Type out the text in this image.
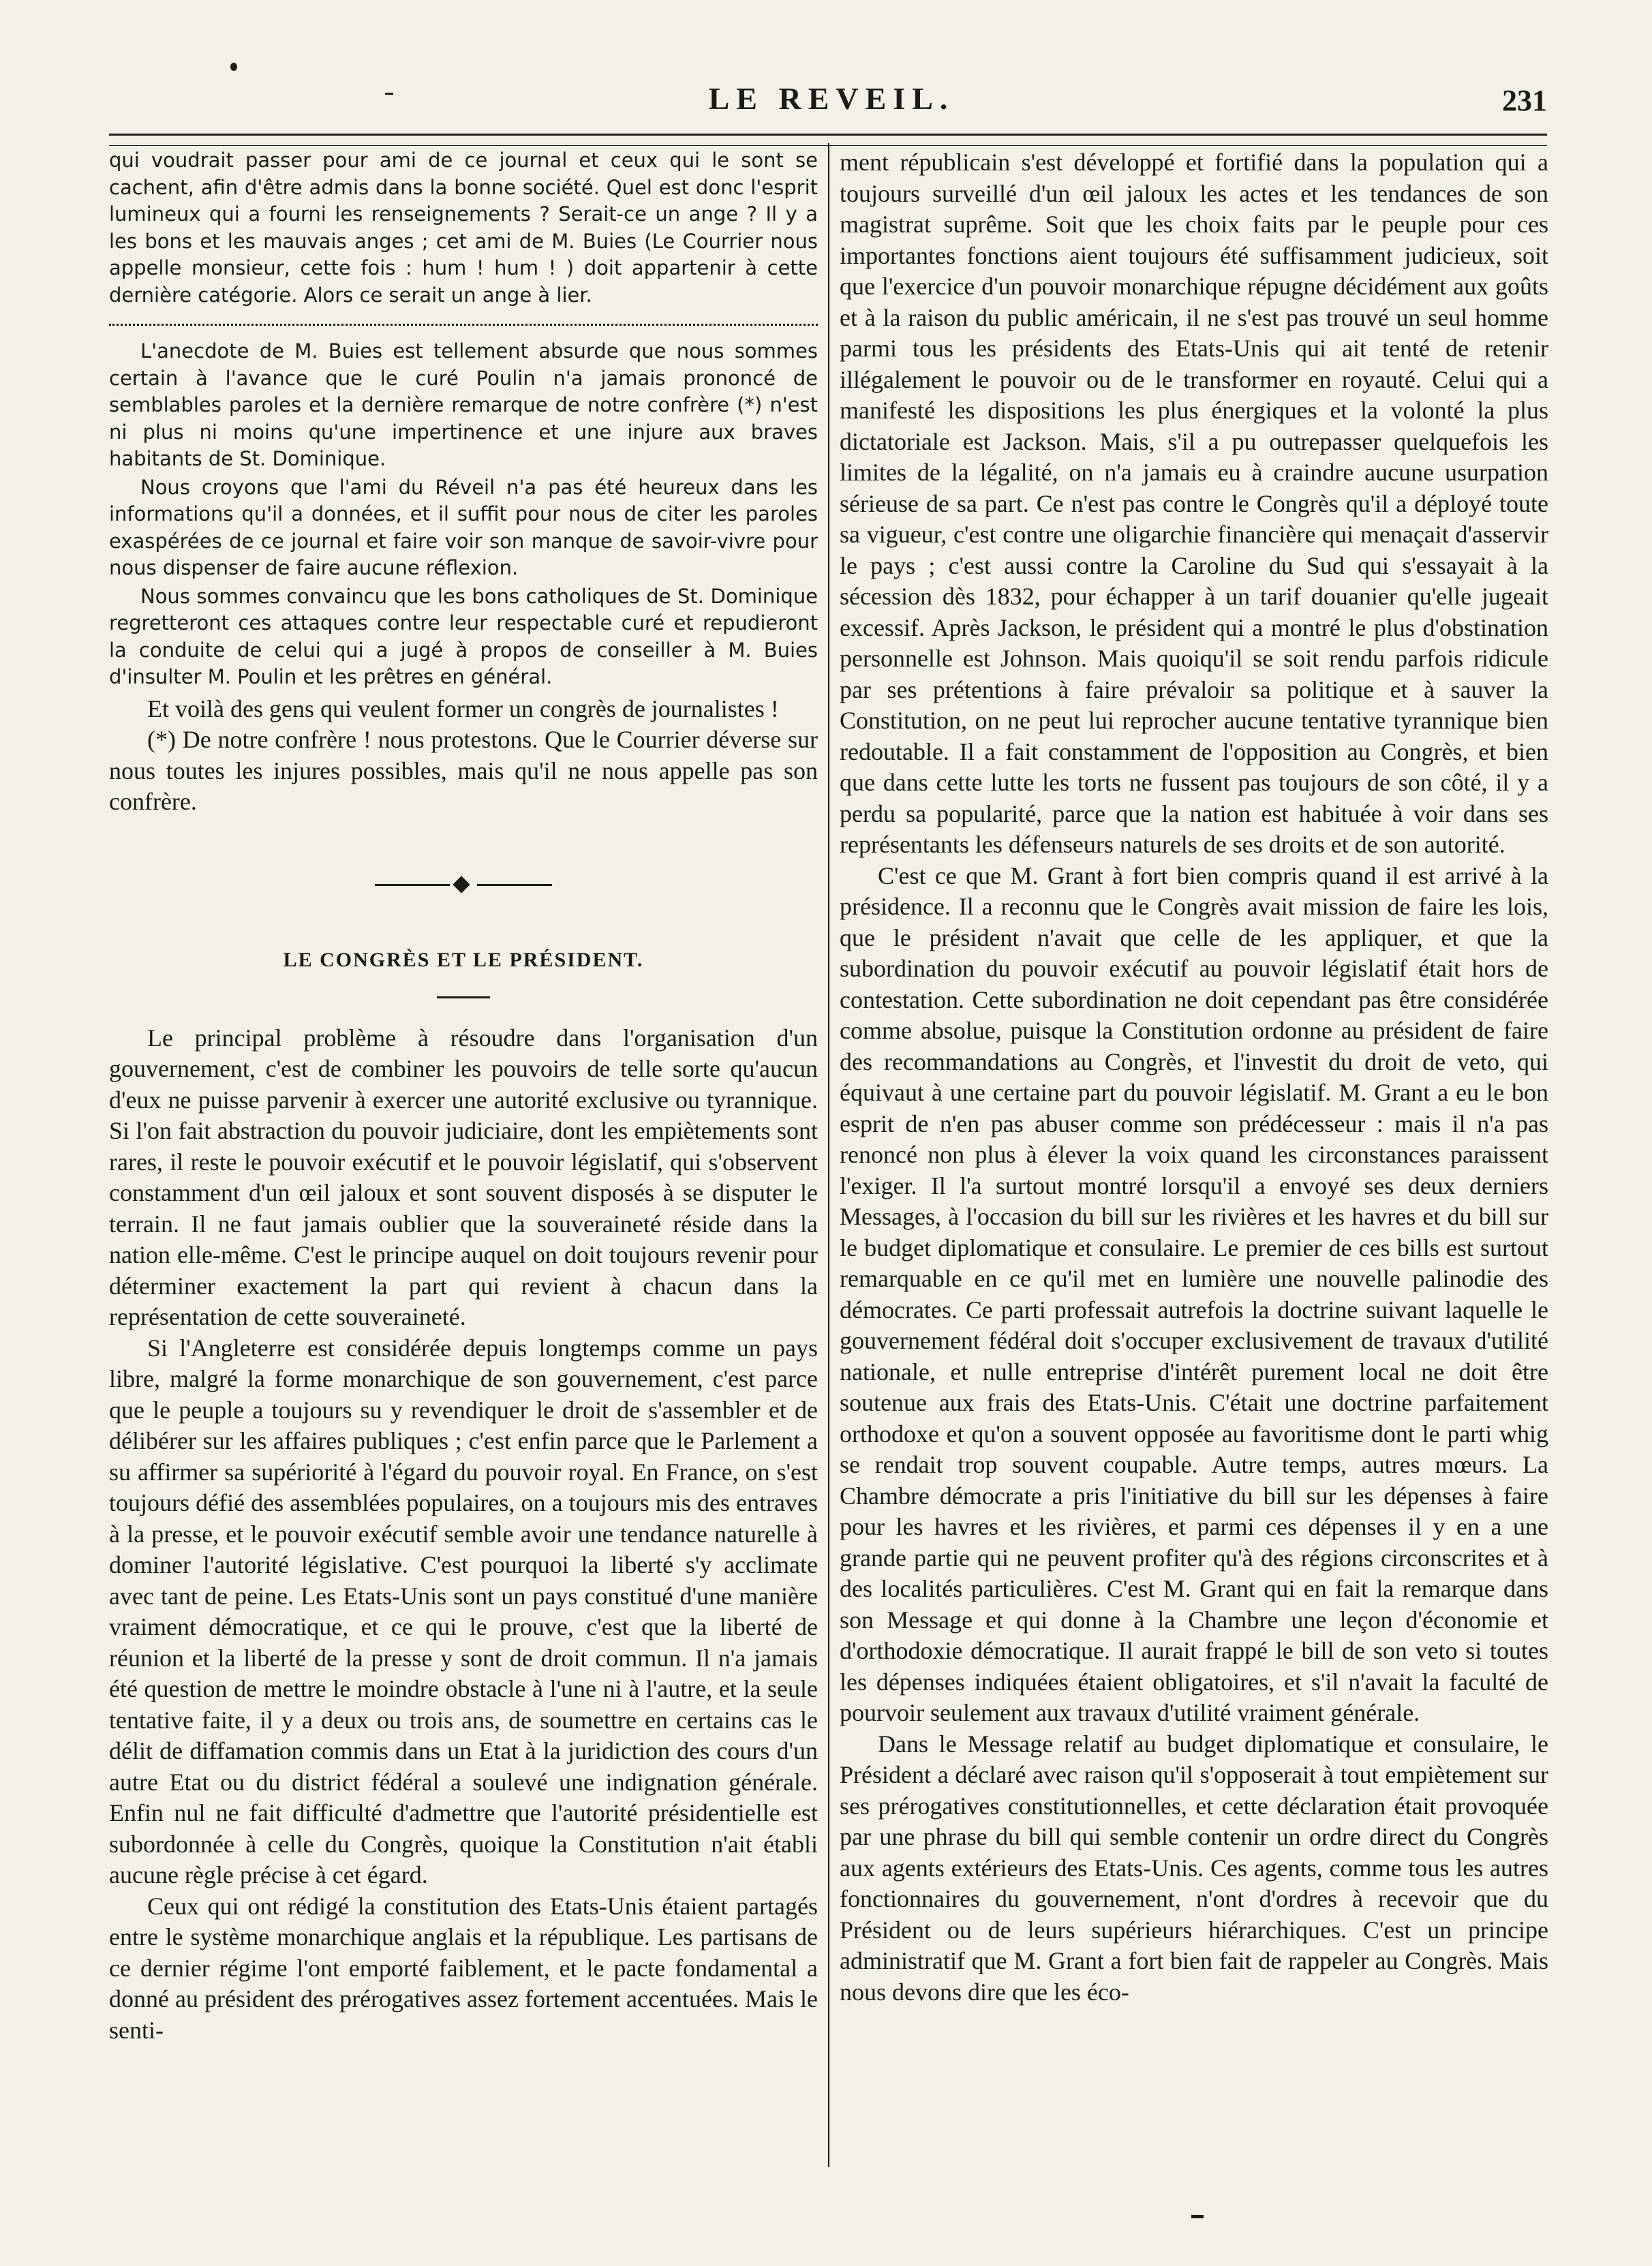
LE REVEIL.	231

qui voudrait passer pour ami de ce journal et ceux qui le sont se cachent, afin d'être admis dans la bonne société. Quel est donc l'esprit lumineux qui a fourni les renseignements ? Serait-ce un ange ? Il y a les bons et les mauvais anges ; cet ami de M. Buies (Le Courrier nous appelle monsieur, cette fois : hum ! hum ! ) doit appartenir à cette dernière catégorie. Alors ce serait un ange à lier.

L'anecdote de M. Buies est tellement absurde que nous sommes certain à l'avance que le curé Poulin n'a jamais prononcé de semblables paroles et la dernière remarque de notre confrère (*) n'est ni plus ni moins qu'une impertinence et une injure aux braves habitants de St. Dominique.

Nous croyons que l'ami du Réveil n'a pas été heureux dans les informations qu'il a données, et il suffit pour nous de citer les paroles exaspérées de ce journal et faire voir son manque de savoir-vivre pour nous dispenser de faire aucune réflexion.

Nous sommes convaincu que les bons catholiques de St. Dominique regretteront ces attaques contre leur respectable curé et repudieront la conduite de celui qui a jugé à propos de conseiller à M. Buies d'insulter M. Poulin et les prêtres en général.

Et voilà des gens qui veulent former un congrès de journalistes !

(*) De notre confrère ! nous protestons. Que le Courrier déverse sur nous toutes les injures possibles, mais qu'il ne nous appelle pas son confrère.

LE CONGRÈS ET LE PRÉSIDENT.

Le principal problème à résoudre dans l'organisation d'un gouvernement, c'est de combiner les pouvoirs de telle sorte qu'aucun d'eux ne puisse parvenir à exercer une autorité exclusive ou tyrannique. Si l'on fait abstraction du pouvoir judiciaire, dont les empiètements sont rares, il reste le pouvoir exécutif et le pouvoir législatif, qui s'observent constamment d'un œil jaloux et sont souvent disposés à se disputer le terrain. Il ne faut jamais oublier que la souveraineté réside dans la nation elle-même. C'est le principe auquel on doit toujours revenir pour déterminer exactement la part qui revient à chacun dans la représentation de cette souveraineté.

Si l'Angleterre est considérée depuis longtemps comme un pays libre, malgré la forme monarchique de son gouvernement, c'est parce que le peuple a toujours su y revendiquer le droit de s'assembler et de délibérer sur les affaires publiques ; c'est enfin parce que le Parlement a su affirmer sa supériorité à l'égard du pouvoir royal. En France, on s'est toujours défié des assemblées populaires, on a toujours mis des entraves à la presse, et le pouvoir exécutif semble avoir une tendance naturelle à dominer l'autorité législative. C'est pourquoi la liberté s'y acclimate avec tant de peine. Les Etats-Unis sont un pays constitué d'une manière vraiment démocratique, et ce qui le prouve, c'est que la liberté de réunion et la liberté de la presse y sont de droit commun. Il n'a jamais été question de mettre le moindre obstacle à l'une ni à l'autre, et la seule tentative faite, il y a deux ou trois ans, de soumettre en certains cas le délit de diffamation commis dans un Etat à la juridiction des cours d'un autre Etat ou du district fédéral a soulevé une indignation générale. Enfin nul ne fait difficulté d'admettre que l'autorité présidentielle est subordonnée à celle du Congrès, quoique la Constitution n'ait établi aucune règle précise à cet égard.

Ceux qui ont rédigé la constitution des Etats-Unis étaient partagés entre le système monarchique anglais et la république. Les partisans de ce dernier régime l'ont emporté faiblement, et le pacte fondamental a donné au président des prérogatives assez fortement accentuées. Mais le senti-

ment républicain s'est développé et fortifié dans la population qui a toujours surveillé d'un œil jaloux les actes et les tendances de son magistrat suprême. Soit que les choix faits par le peuple pour ces importantes fonctions aient toujours été suffisamment judicieux, soit que l'exercice d'un pouvoir monarchique répugne décidément aux goûts et à la raison du public américain, il ne s'est pas trouvé un seul homme parmi tous les présidents des Etats-Unis qui ait tenté de retenir illégalement le pouvoir ou de le transformer en royauté. Celui qui a manifesté les dispositions les plus énergiques et la volonté la plus dictatoriale est Jackson. Mais, s'il a pu outrepasser quelquefois les limites de la légalité, on n'a jamais eu à craindre aucune usurpation sérieuse de sa part. Ce n'est pas contre le Congrès qu'il a déployé toute sa vigueur, c'est contre une oligarchie financière qui menaçait d'asservir le pays ; c'est aussi contre la Caroline du Sud qui s'essayait à la sécession dès 1832, pour échapper à un tarif douanier qu'elle jugeait excessif. Après Jackson, le président qui a montré le plus d'obstination personnelle est Johnson. Mais quoiqu'il se soit rendu parfois ridicule par ses prétentions à faire prévaloir sa politique et à sauver la Constitution, on ne peut lui reprocher aucune tentative tyrannique bien redoutable. Il a fait constamment de l'opposition au Congrès, et bien que dans cette lutte les torts ne fussent pas toujours de son côté, il y a perdu sa popularité, parce que la nation est habituée à voir dans ses représentants les défenseurs naturels de ses droits et de son autorité.

C'est ce que M. Grant à fort bien compris quand il est arrivé à la présidence. Il a reconnu que le Congrès avait mission de faire les lois, que le président n'avait que celle de les appliquer, et que la subordination du pouvoir exécutif au pouvoir législatif était hors de contestation. Cette subordination ne doit cependant pas être considérée comme absolue, puisque la Constitution ordonne au président de faire des recommandations au Congrès, et l'investit du droit de veto, qui équivaut à une certaine part du pouvoir législatif. M. Grant a eu le bon esprit de n'en pas abuser comme son prédécesseur : mais il n'a pas renoncé non plus à élever la voix quand les circonstances paraissent l'exiger. Il l'a surtout montré lorsqu'il a envoyé ses deux derniers Messages, à l'occasion du bill sur les rivières et les havres et du bill sur le budget diplomatique et consulaire. Le premier de ces bills est surtout remarquable en ce qu'il met en lumière une nouvelle palinodie des démocrates. Ce parti professait autrefois la doctrine suivant laquelle le gouvernement fédéral doit s'occuper exclusivement de travaux d'utilité nationale, et nulle entreprise d'intérêt purement local ne doit être soutenue aux frais des Etats-Unis. C'était une doctrine parfaitement orthodoxe et qu'on a souvent opposée au favoritisme dont le parti whig se rendait trop souvent coupable. Autre temps, autres mœurs. La Chambre démocrate a pris l'initiative du bill sur les dépenses à faire pour les havres et les rivières, et parmi ces dépenses il y en a une grande partie qui ne peuvent profiter qu'à des régions circonscrites et à des localités particulières. C'est M. Grant qui en fait la remarque dans son Message et qui donne à la Chambre une leçon d'économie et d'orthodoxie démocratique. Il aurait frappé le bill de son veto si toutes les dépenses indiquées étaient obligatoires, et s'il n'avait la faculté de pourvoir seulement aux travaux d'utilité vraiment générale.

Dans le Message relatif au budget diplomatique et consulaire, le Président a déclaré avec raison qu'il s'opposerait à tout empiètement sur ses prérogatives constitutionnelles, et cette déclaration était provoquée par une phrase du bill qui semble contenir un ordre direct du Congrès aux agents extérieurs des Etats-Unis. Ces agents, comme tous les autres fonctionnaires du gouvernement, n'ont d'ordres à recevoir que du Président ou de leurs supérieurs hiérarchiques. C'est un principe administratif que M. Grant a fort bien fait de rappeler au Congrès. Mais nous devons dire que les éco-
